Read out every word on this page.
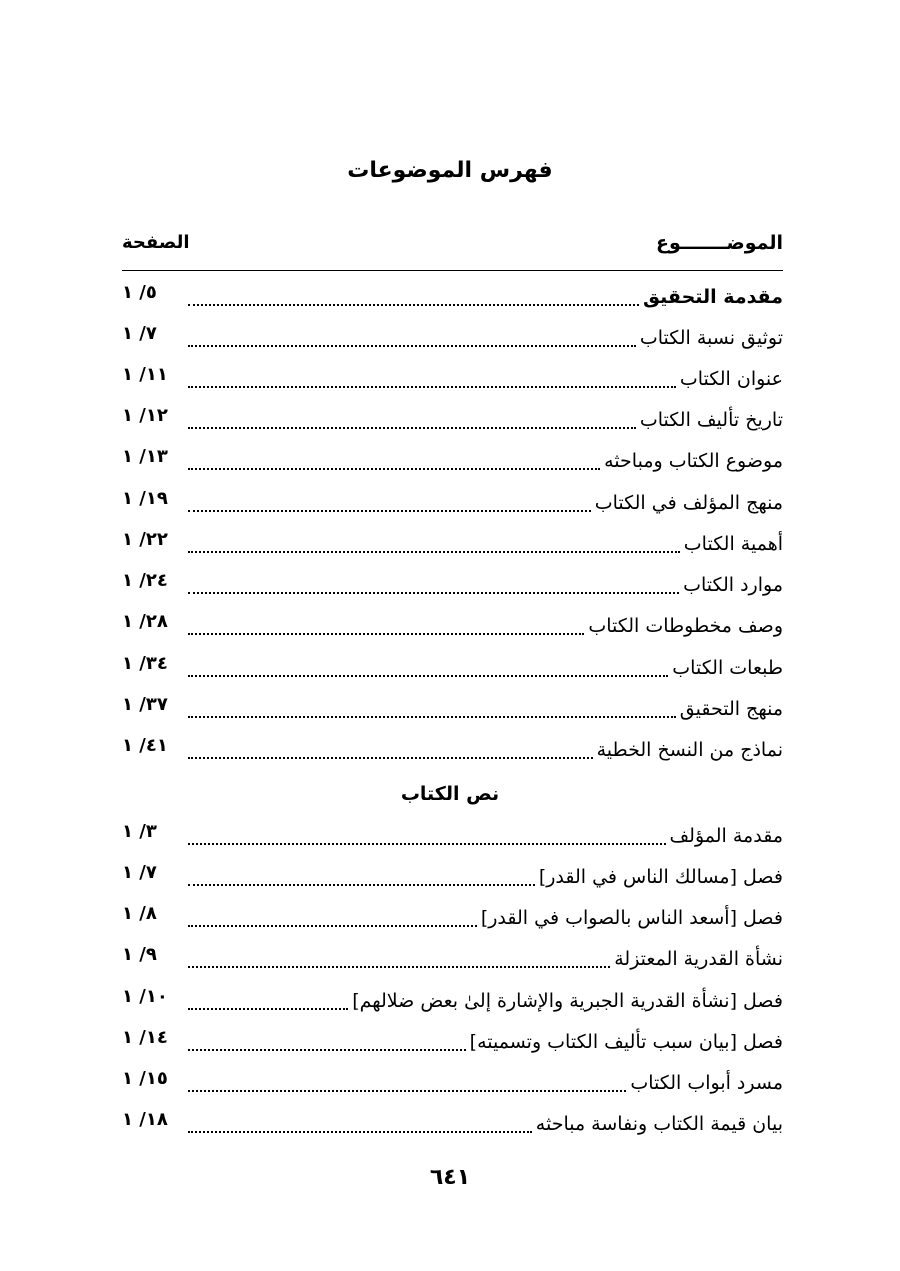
فهرس الموضوعات
الموضـــــــوع
الصفحة
مقدمة التحقيق
٥/ ١
توثيق نسبة الكتاب
٧/ ١
عنوان الكتاب
١١/ ١
تاريخ تأليف الكتاب
١٢/ ١
موضوع الكتاب ومباحثه
١٣/ ١
منهج المؤلف في الكتاب
١٩/ ١
أهمية الكتاب
٢٢/ ١
موارد الكتاب
٢٤/ ١
وصف مخطوطات الكتاب
٢٨/ ١
طبعات الكتاب
٣٤/ ١
منهج التحقيق
٣٧/ ١
نماذج من النسخ الخطية
٤١/ ١
نص الكتاب
مقدمة المؤلف
٣/ ١
فصل [مسالك الناس في القدر]
٧/ ١
فصل [أسعد الناس بالصواب في القدر]
٨/ ١
نشأة القدرية المعتزلة
٩/ ١
فصل [نشأة القدرية الجبرية والإشارة إلىٰ بعض ضلالهم]
١٠/ ١
فصل [بيان سبب تأليف الكتاب وتسميته]
١٤/ ١
مسرد أبواب الكتاب
١٥/ ١
بيان قيمة الكتاب ونفاسة مباحثه
١٨/ ١
٦٤١
